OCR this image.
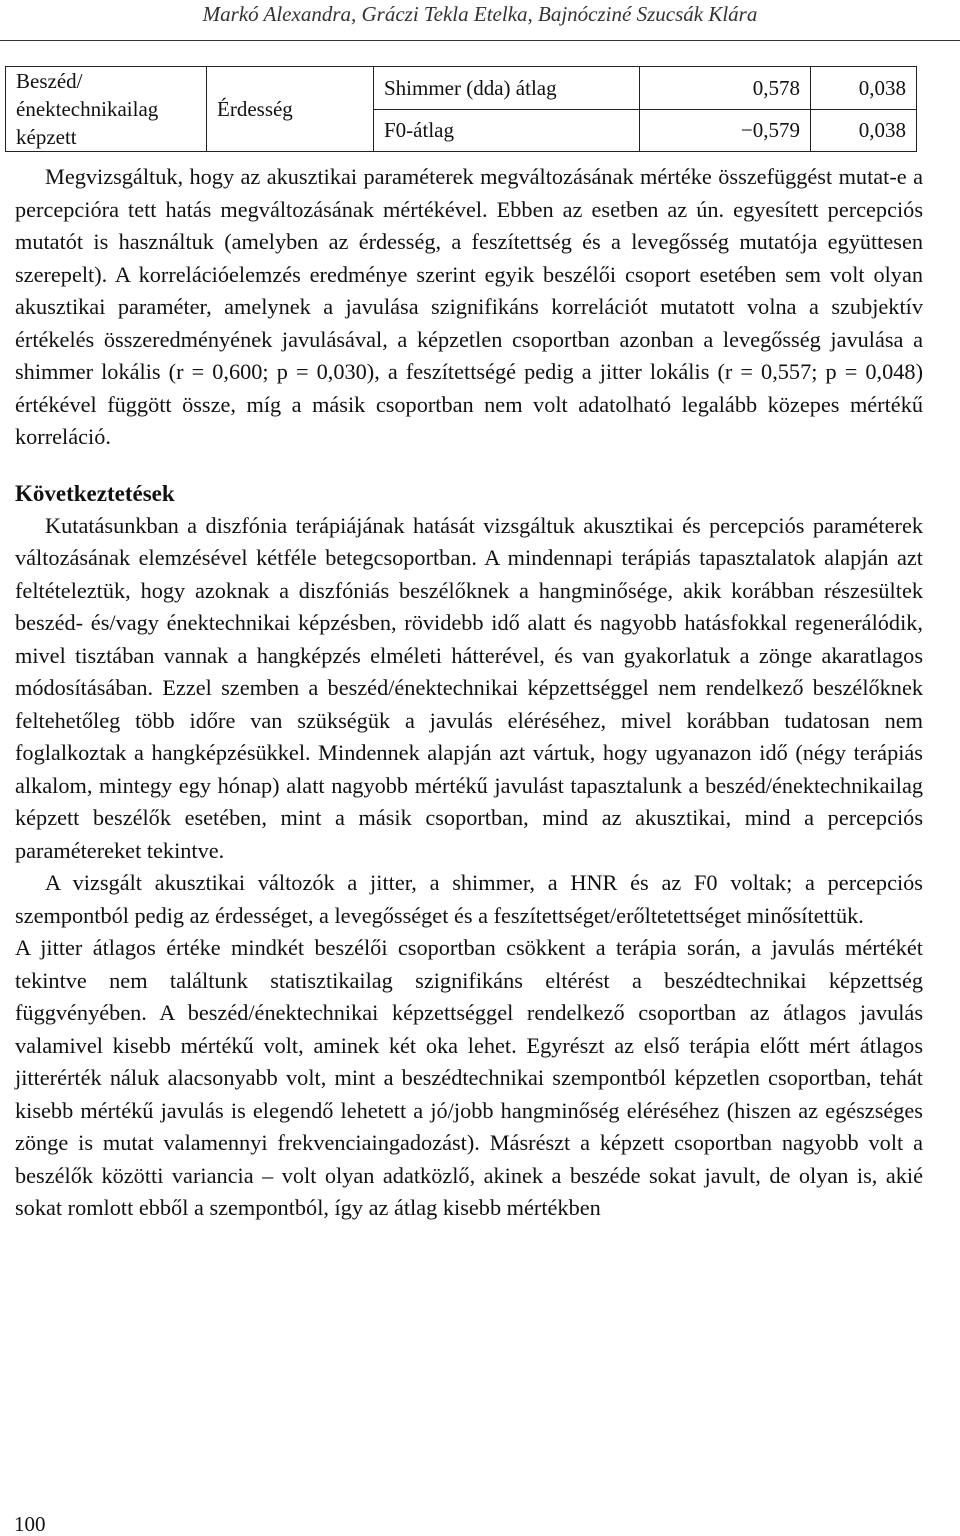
Markó Alexandra, Gráczi Tekla Etelka, Bajnócziné Szucsák Klára
Beszéd/énektechnikailag képzett	Érdesség	Shimmer (dda) átlag	0,578	0,038
		F0-átlag	−0,579	0,038

Megvizsgáltuk, hogy az akusztikai paraméterek megváltozásának mértéke összefüggést mutat-e a percepcióra tett hatás megváltozásának mértékével. Ebben az esetben az ún. egyesített percepciós mutatót is használtuk (amelyben az érdesség, a feszítettség és a levegősség mutatója együttesen szerepelt). A korrelációelemzés eredménye szerint egyik beszélői csoport esetében sem volt olyan akusztikai paraméter, amelynek a javulása szignifikáns korrelációt mutatott volna a szubjektív értékelés összeredményének javulásával, a képzetlen csoportban azonban a levegősség javulása a shimmer lokális (r = 0,600; p = 0,030), a feszítettségé pedig a jitter lokális (r = 0,557; p = 0,048) értékével függött össze, míg a másik csoportban nem volt adatolható legalább közepes mértékű korreláció.

Következtetések

Kutatásunkban a diszfónia terápiájának hatását vizsgáltuk akusztikai és percepciós paraméterek változásának elemzésével kétféle betegcsoportban. A mindennapi terápiás tapasztalatok alapján azt feltételeztük, hogy azoknak a diszfóniás beszélőknek a hangminősége, akik korábban részesültek beszéd- és/vagy énektechnikai képzésben, rövidebb idő alatt és nagyobb hatásfokkal regenerálódik, mivel tisztában vannak a hangképzés elméleti hátterével, és van gyakorlatuk a zönge akaratlagos módosításában. Ezzel szemben a beszéd/énektechnikai képzettséggel nem rendelkező beszélőknek feltehetőleg több időre van szükségük a javulás eléréséhez, mivel korábban tudatosan nem foglalkoztak a hangképzésükkel. Mindennek alapján azt vártuk, hogy ugyanazon idő (négy terápiás alkalom, mintegy egy hónap) alatt nagyobb mértékű javulást tapasztalunk a beszéd/énektechnikailag képzett beszélők esetében, mint a másik csoportban, mind az akusztikai, mind a percepciós paramétereket tekintve.

A vizsgált akusztikai változók a jitter, a shimmer, a HNR és az F0 voltak; a percepciós szempontból pedig az érdességet, a levegősséget és a feszítettséget/erőltetettséget minősítettük.

A jitter átlagos értéke mindkét beszélői csoportban csökkent a terápia során, a javulás mértékét tekintve nem találtunk statisztikailag szignifikáns eltérést a beszédtechnikai képzettség függvényében. A beszéd/énektechnikai képzettséggel rendelkező csoportban az átlagos javulás valamivel kisebb mértékű volt, aminek két oka lehet. Egyrészt az első terápia előtt mért átlagos jitterérték náluk alacsonyabb volt, mint a beszédtechnikai szempontból képzetlen csoportban, tehát kisebb mértékű javulás is elegendő lehetett a jó/jobb hangminőség eléréséhez (hiszen az egészséges zönge is mutat valamennyi frekvenciaingadozást). Másrészt a képzett csoportban nagyobb volt a beszélők közötti variancia – volt olyan adatközlő, akinek a beszéde sokat javult, de olyan is, akié sokat romlott ebből a szempontból, így az átlag kisebb mértékben

100
